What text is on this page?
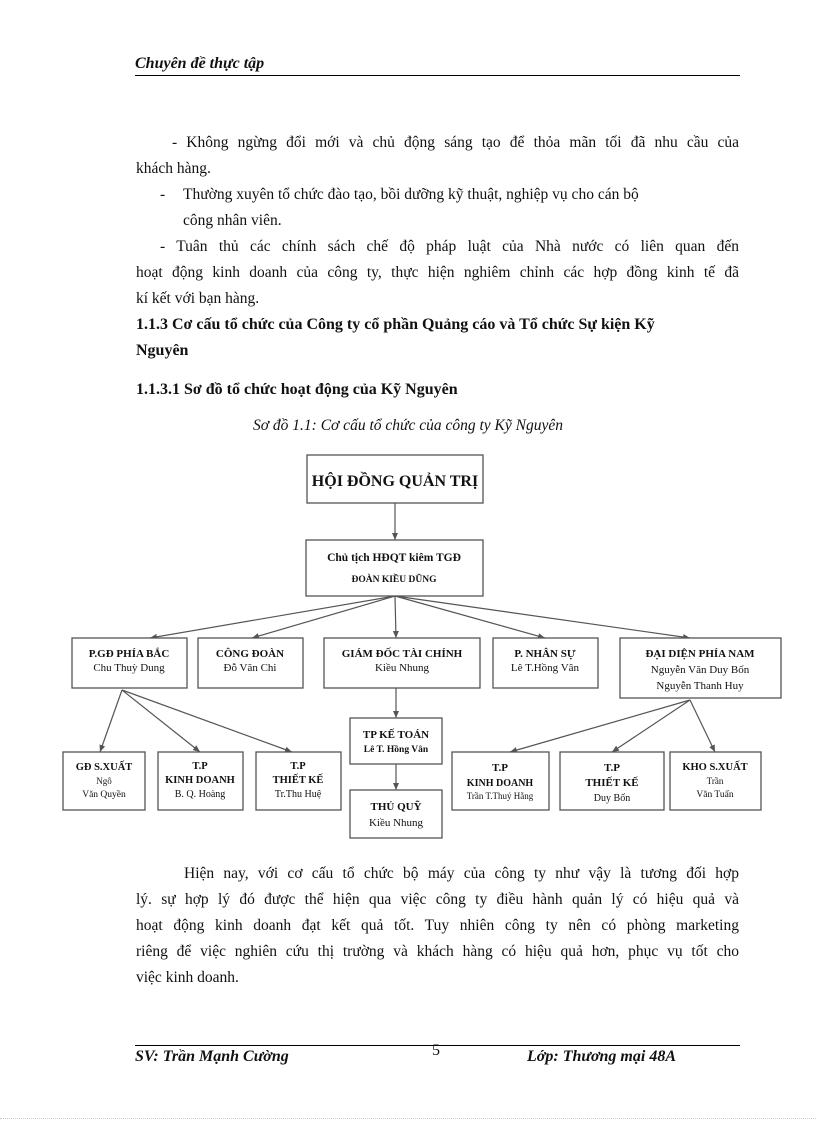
Chuyên đề thực tập
- Không ngừng đổi mới và chủ động sáng tạo để thỏa mãn tối đã nhu cầu của
khách hàng.
-	Thường xuyên tổ chức đào tạo, bồi dưỡng kỹ thuật, nghiệp vụ cho cán bộ
công nhân viên.
- Tuân thủ các chính sách chế độ pháp luật của Nhà nước có liên quan đến
hoạt động kinh doanh của công ty, thực hiện nghiêm chỉnh các hợp đồng kinh tế đã
kí kết với bạn hàng.
1.1.3 Cơ cấu tổ chức của Công ty cổ phần Quảng cáo và Tổ chức Sự kiện Kỹ
Nguyên
1.1.3.1 Sơ đồ tổ chức hoạt động của Kỹ Nguyên
Sơ đồ 1.1: Cơ cấu tổ chức của công ty Kỹ Nguyên
HỘI ĐỒNG QUẢN TRỊ
Chủ tịch HĐQT kiêm TGĐ
ĐOÀN KIỀU DŨNG
P.GĐ PHÍA BẮC
Chu Thuỳ Dung
CÔNG ĐOÀN
Đỗ Văn Chi
GIÁM ĐỐC TÀI CHÍNH
Kiều Nhung
P. NHÂN SỰ
Lê T.Hồng Vân
ĐẠI DIỆN PHÍA NAM
Nguyễn Văn Duy Bốn
Nguyễn Thanh Huy
TP KẾ TOÁN
Lê T. Hồng Vân
THỦ QUỸ
Kiều Nhung
GĐ S.XUẤT
Ngô
Văn Quyền
T.P
KINH DOANH
B. Q. Hoàng
T.P
THIẾT KẾ
Tr.Thu Huệ
T.P
KINH DOANH
Trần T.Thuý Hằng
T.P
THIẾT KẾ
Duy Bốn
KHO S.XUẤT
Trần
Văn Tuấn
Hiện nay, với cơ cấu tổ chức bộ máy của công ty như vậy là tương đối hợp
lý. sự hợp lý đó được thể hiện qua việc công ty điều hành quản lý có hiệu quả và
hoạt động kinh doanh đạt kết quả tốt. Tuy nhiên công ty nên có phòng marketing
riêng để việc nghiên cứu thị trường và khách hàng có hiệu quả hơn, phục vụ tốt cho
việc kinh doanh.
SV: Trần Mạnh Cường	5	Lớp: Thương mại 48A
